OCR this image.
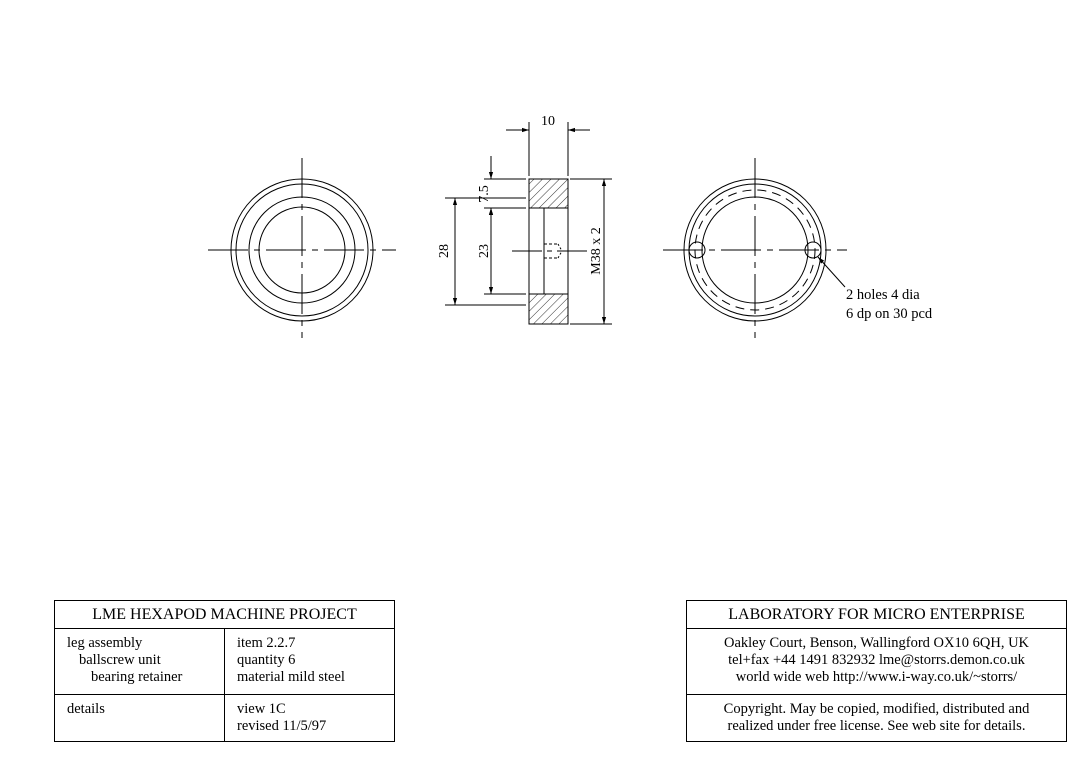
10
7.5
23
28	M38 x 2
2 holes 4 dia
6 dp on 30 pcd
LME HEXAPOD MACHINE PROJECT
leg assembly
ballscrew unit
bearing retainer
item 2.2.7
quantity 6
material mild steel
details	view 1C
revised 11/5/97
LABORATORY FOR MICRO ENTERPRISE
Oakley Court, Benson, Wallingford OX10 6QH, UK
tel+fax +44 1491 832932 lme@storrs.demon.co.uk
world wide web http://www.i-way.co.uk/~storrs/
Copyright. May be copied, modified, distributed and
realized under free license. See web site for details.
